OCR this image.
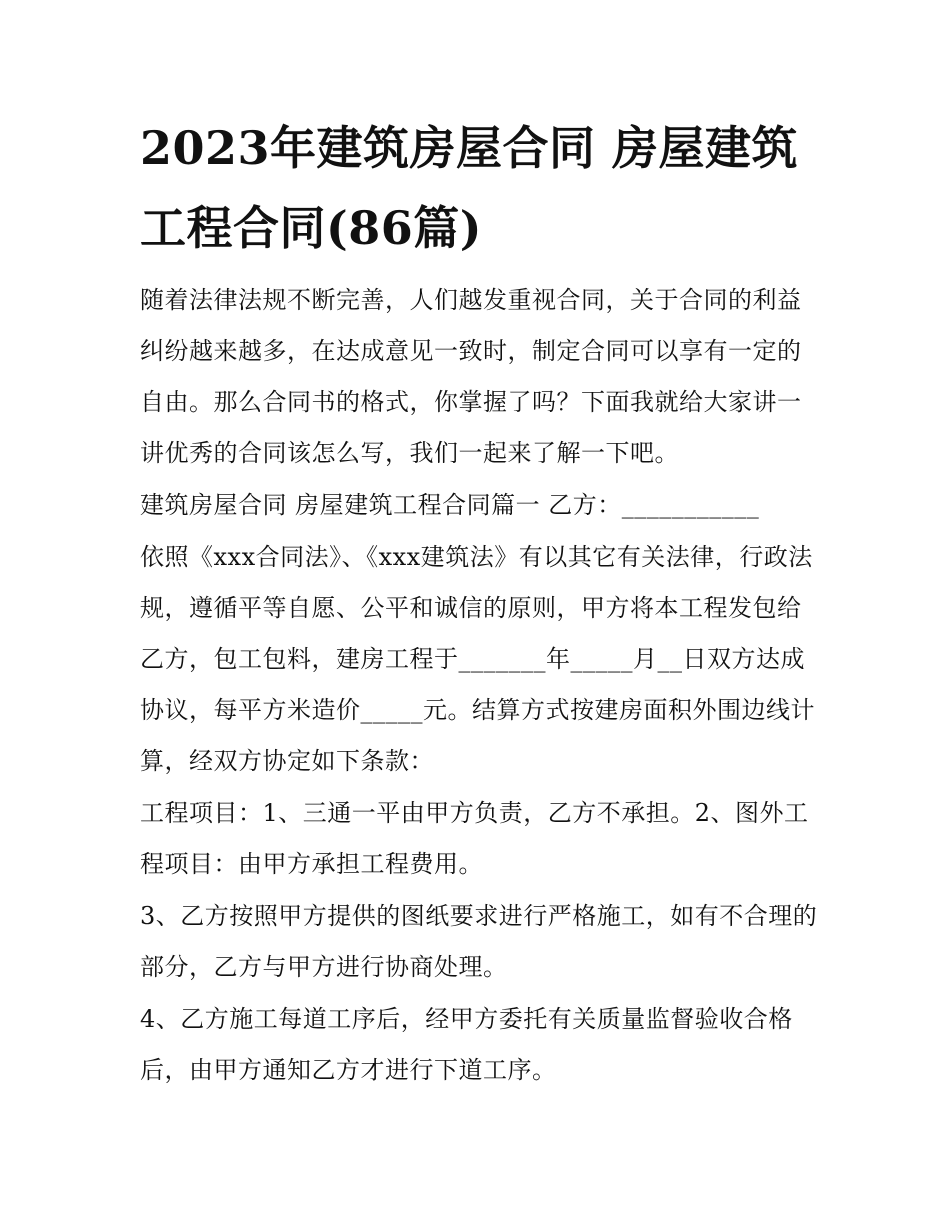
2023年建筑房屋合同 房屋建筑工程合同(86篇)

随着法律法规不断完善，人们越发重视合同，关于合同的利益纠纷越来越多，在达成意见一致时，制定合同可以享有一定的自由。那么合同书的格式，你掌握了吗？下面我就给大家讲一讲优秀的合同该怎么写，我们一起来了解一下吧。

建筑房屋合同 房屋建筑工程合同篇一 乙方：___________

依照《xxx合同法》、《xxx建筑法》有以其它有关法律，行政法规，遵循平等自愿、公平和诚信的原则，甲方将本工程发包给乙方，包工包料，建房工程于_______年_____月__日双方达成协议，每平方米造价_____元。结算方式按建房面积外围边线计算，经双方协定如下条款：

工程项目：1、三通一平由甲方负责，乙方不承担。2、图外工程项目：由甲方承担工程费用。

3、乙方按照甲方提供的图纸要求进行严格施工，如有不合理的部分，乙方与甲方进行协商处理。

4、乙方施工每道工序后，经甲方委托有关质量监督验收合格后，由甲方通知乙方才进行下道工序。
